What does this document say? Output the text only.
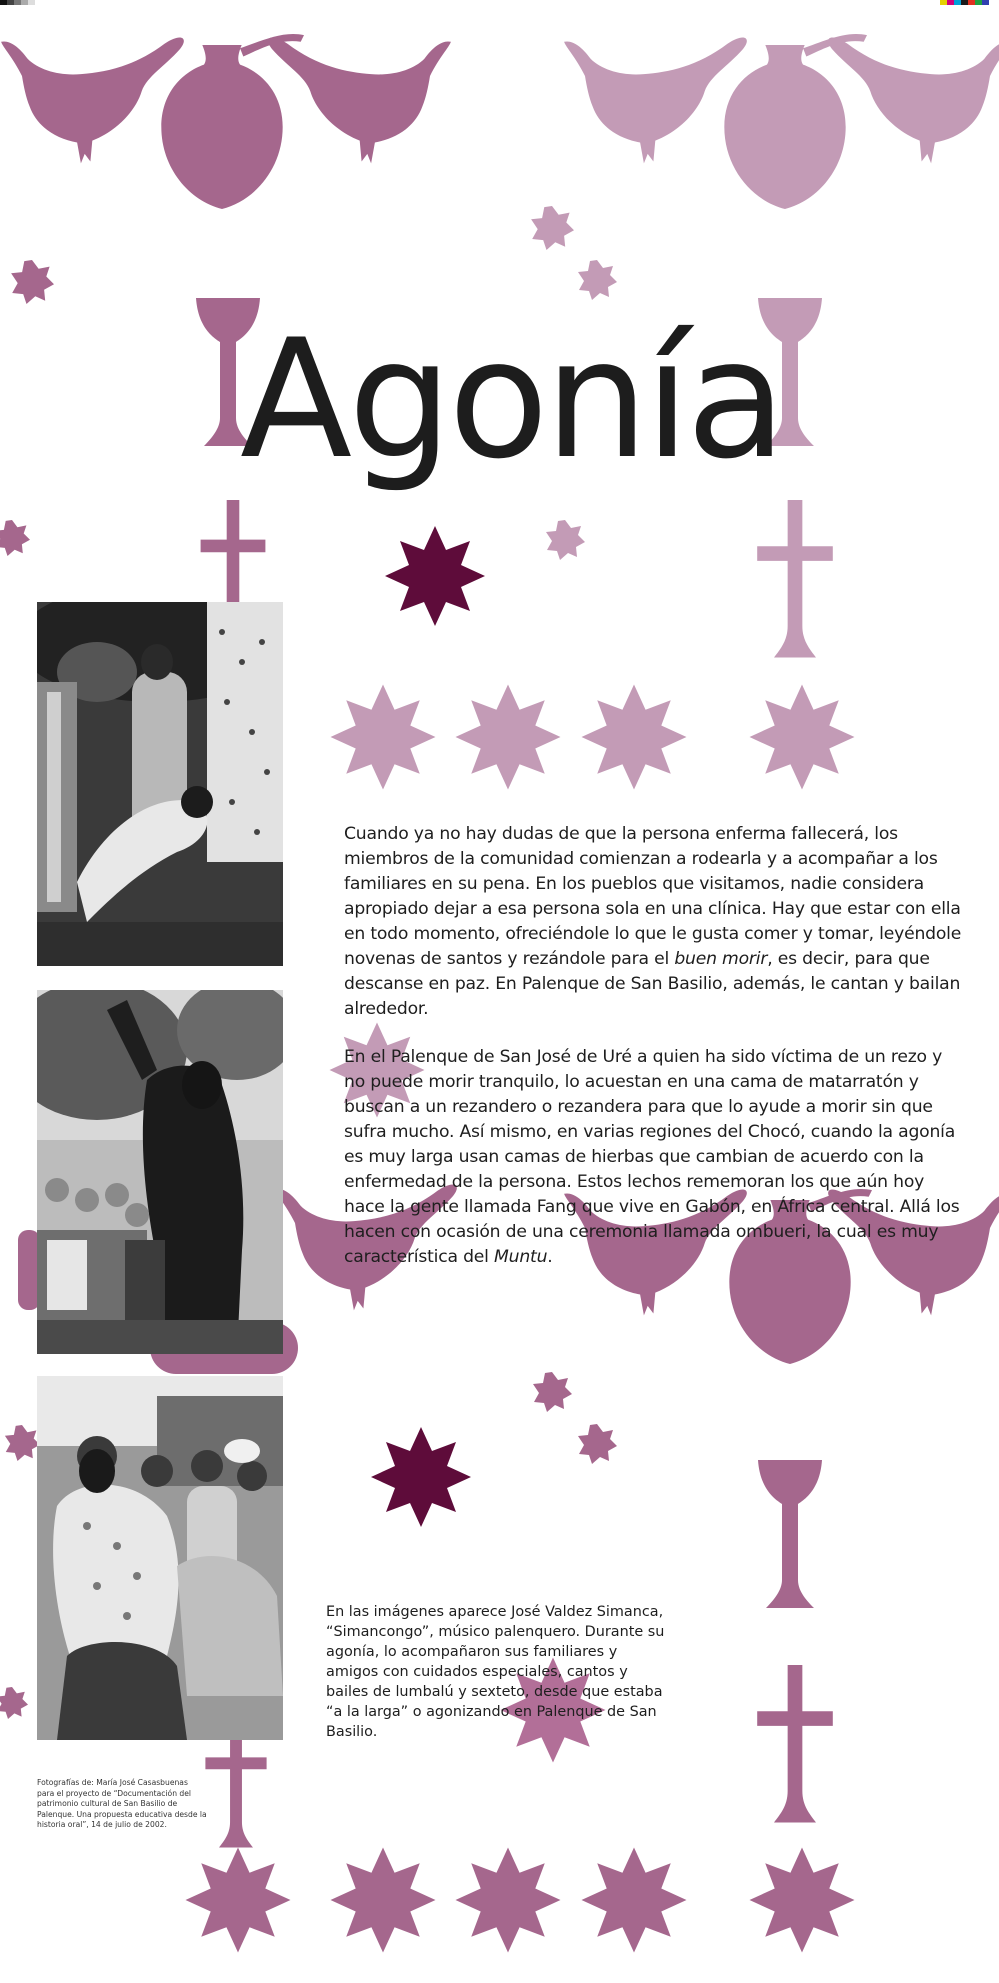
Agonía

Cuando ya no hay dudas de que la persona enferma fallecerá, los miembros de la comunidad comienzan a rodearla y a acompañar a los familiares en su pena. En los pueblos que visitamos, nadie considera apropiado dejar a esa persona sola en una clínica. Hay que estar con ella en todo momento, ofreciéndole lo que le gusta comer y tomar, leyéndole novenas de santos y rezándole para el buen morir, es decir, para que descanse en paz. En Palenque de San Basilio, además, le cantan y bailan alrededor.

En el Palenque de San José de Uré a quien ha sido víctima de un rezo y no puede morir tranquilo, lo acuestan en una cama de matarratón y buscan a un rezandero o rezandera para que lo ayude a morir sin que sufra mucho. Así mismo, en varias regiones del Chocó, cuando la agonía es muy larga usan camas de hierbas que cambian de acuerdo con la enfermedad de la persona. Estos lechos rememoran los que aún hoy hace la gente llamada Fang que vive en Gabón, en África central. Allá los hacen con ocasión de una ceremonia llamada ombueri, la cual es muy característica del Muntu.

En las imágenes aparece José Valdez Simanca, “Simancongo”, músico palenquero. Durante su agonía, lo acompañaron sus familiares y amigos con cuidados especiales, cantos y bailes de lumbalú y sexteto, desde que estaba “a la larga” o agonizando en Palenque de San Basilio.

Fotografías de: María José Casasbuenas para el proyecto de “Documentación del patrimonio cultural de San Basilio de Palenque. Una propuesta educativa desde la historia oral”, 14 de julio de 2002.
